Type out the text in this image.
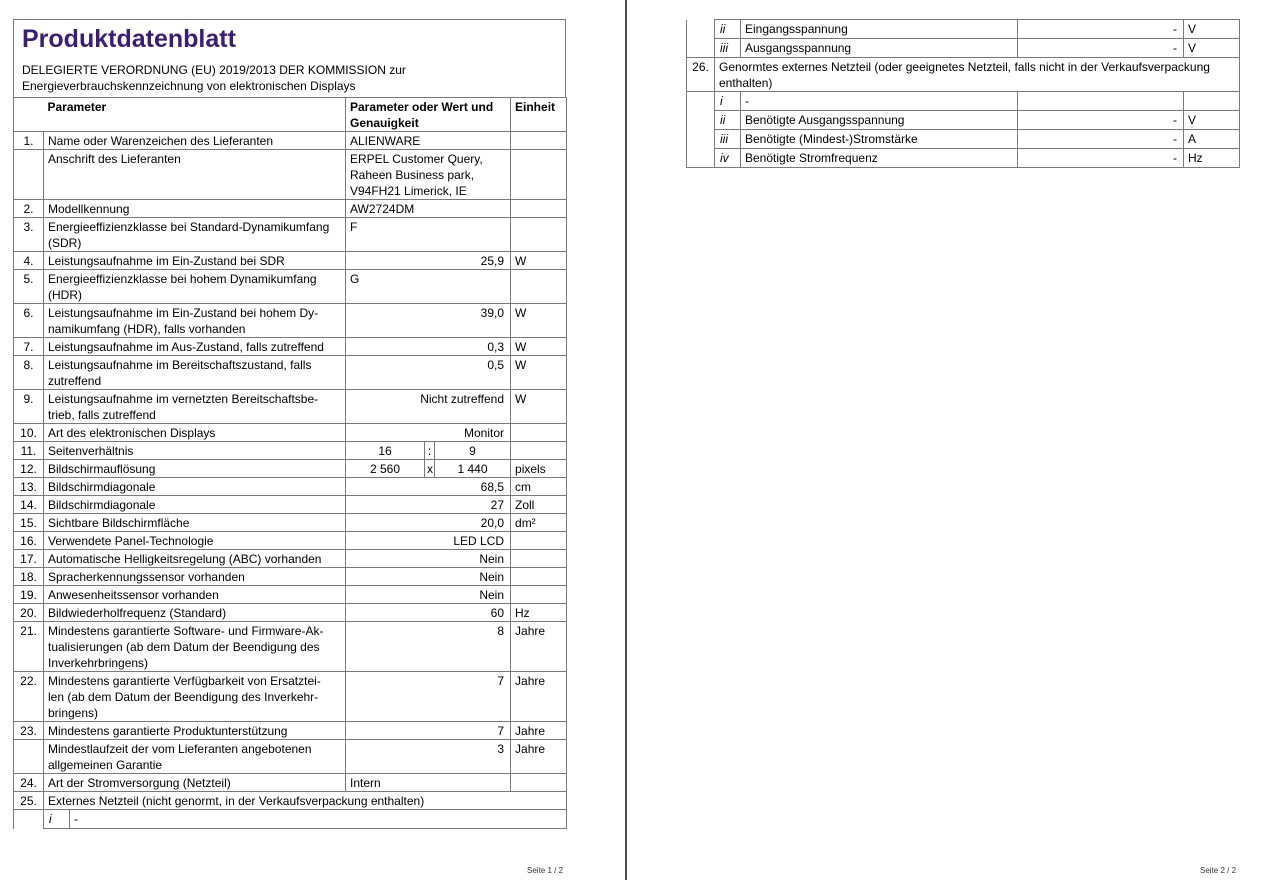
Produktdatenblatt
DELEGIERTE VERORDNUNG (EU) 2019/2013 DER KOMMISSION zur
Energieverbrauchskennzeichnung von elektronischen Displays
	Parameter	Parameter oder Wert und Genauigkeit			Einheit
1.	Name oder Warenzeichen des Lieferanten	ALIENWARE			
	Anschrift des Lieferanten	ERPEL Customer Query,
Raheen Business park,
V94FH21 Limerick, IE			
2.	Modellkennung	AW2724DM			
3.	Energieeffizienzklasse bei Standard-Dynamikumfang (SDR)	F			
4.	Leistungsaufnahme im Ein-Zustand bei SDR	25,9			W
5.	Energieeffizienzklasse bei hohem Dynamikumfang (HDR)	G			
6.	Leistungsaufnahme im Ein-Zustand bei hohem Dy-
namikumfang (HDR), falls vorhanden	39,0			W
7.	Leistungsaufnahme im Aus-Zustand, falls zutreffend	0,3			W
8.	Leistungsaufnahme im Bereitschaftszustand, falls zutreffend	0,5			W
9.	Leistungsaufnahme im vernetzten Bereitschaftsbe-
trieb, falls zutreffend	Nicht zutreffend			W
10.	Art des elektronischen Displays	Monitor			
11.	Seitenverhältnis	16	:	9	
12.	Bildschirmauflösung	2 560	x	1 440	pixels
13.	Bildschirmdiagonale	68,5			cm
14.	Bildschirmdiagonale	27			Zoll
15.	Sichtbare Bildschirmfläche	20,0			dm²
16.	Verwendete Panel-Technologie	LED LCD			
17.	Automatische Helligkeitsregelung (ABC) vorhanden	Nein			
18.	Spracherkennungssensor vorhanden	Nein			
19.	Anwesenheitssensor vorhanden	Nein			
20.	Bildwiederholfrequenz (Standard)	60			Hz
21.	Mindestens garantierte Software- und Firmware-Ak-
tualisierungen (ab dem Datum der Beendigung des Inverkehrbringens)	8			Jahre
22.	Mindestens garantierte Verfügbarkeit von Ersatztei-
len (ab dem Datum der Beendigung des Inverkehr-
bringens)	7			Jahre
23.	Mindestens garantierte Produktunterstützung	7			Jahre
	Mindestlaufzeit der vom Lieferanten angebotenen allgemeinen Garantie	3			Jahre
24.	Art der Stromversorgung (Netzteil)	Intern			
25.	Externes Netzteil (nicht genormt, in der Verkaufsverpackung enthalten)	
	i	-
Seite 1 / 2
	ii	Eingangsspannung	-	V
	iii	Ausgangsspannung	-	V
26.	Genormtes externes Netzteil (oder geeignetes Netzteil, falls nicht in der Verkaufsverpackung enthalten)			
	i	-		
	ii	Benötigte Ausgangsspannung	-	V
	iii	Benötigte (Mindest-)Stromstärke	-	A
	iv	Benötigte Stromfrequenz	-	Hz
Seite 2 / 2
